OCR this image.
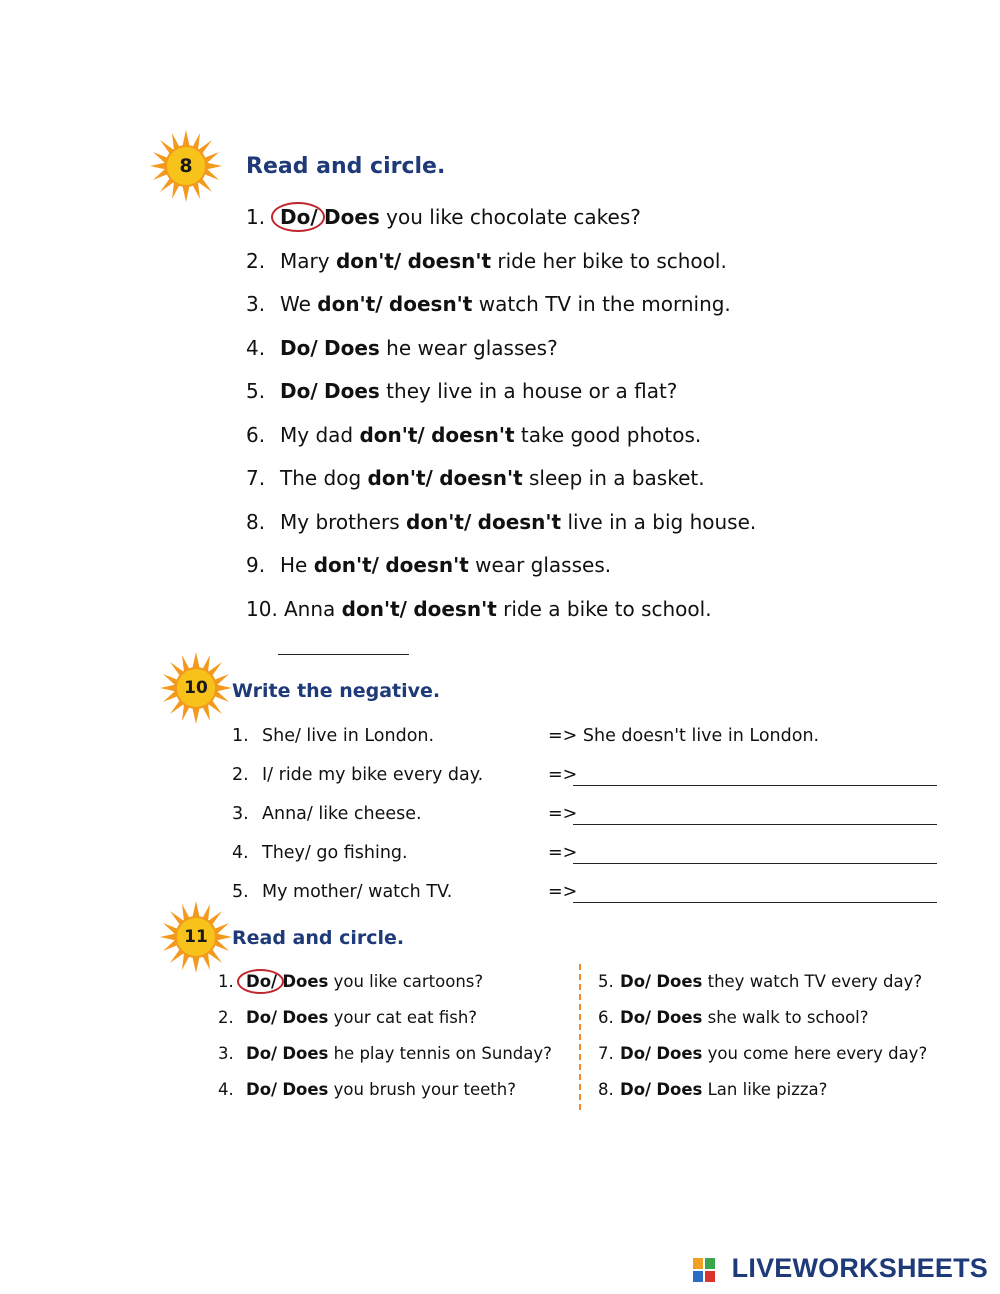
8	Read and circle.
1. Do/ Does you like chocolate cakes?
2. Mary don't/ doesn't ride her bike to school.
3. We don't/ doesn't watch TV in the morning.
4. Do/ Does he wear glasses?
5. Do/ Does they live in a house or a flat?
6. My dad don't/ doesn't take good photos.
7. The dog don't/ doesn't sleep in a basket.
8. My brothers don't/ doesn't live in a big house.
9. He don't/ doesn't wear glasses.
10. Anna don't/ doesn't ride a bike to school.
10	Write the negative.
1. She/ live in London.	=> She doesn't live in London.
2. I/ ride my bike every day.	=>
3. Anna/ like cheese.	=>
4. They/ go fishing.	=>
5. My mother/ watch TV.	=>
11	Read and circle.
1. Do/ Does you like cartoons?
2. Do/ Does your cat eat fish?
3. Do/ Does he play tennis on Sunday?
4. Do/ Does you brush your teeth?
5. Do/ Does they watch TV every day?
6. Do/ Does she walk to school?
7. Do/ Does you come here every day?
8. Do/ Does Lan like pizza?
LIVEWORKSHEETS
